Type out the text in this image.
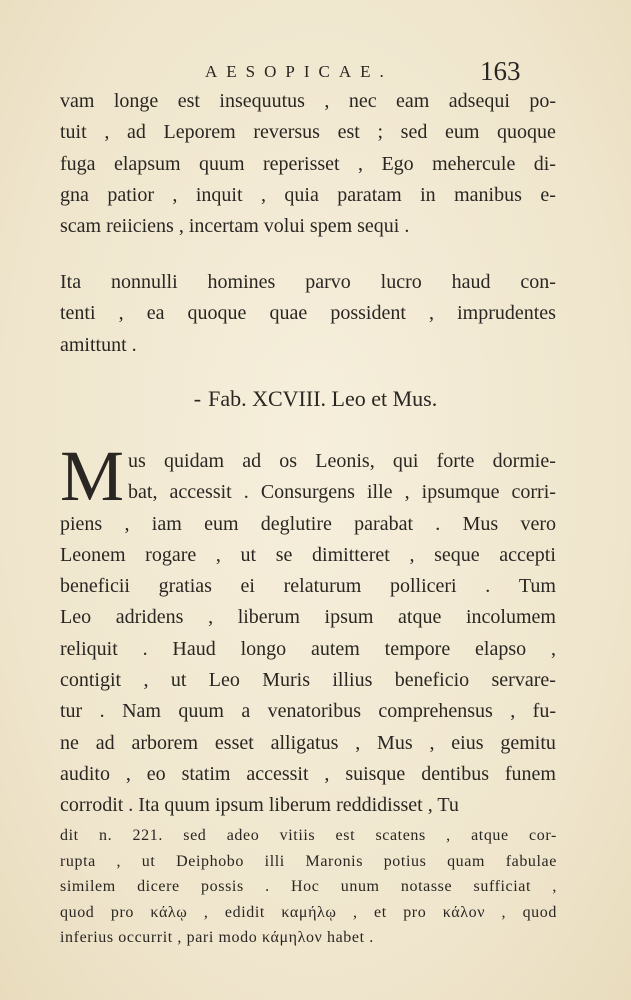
AESOPICAE.	163

vam longe est insequutus , nec eam adsequi po-
tuit , ad Leporem reversus est ; sed eum quoque
fuga elapsum quum reperisset , Ego mehercule di-
gna patior , inquit , quia paratam in manibus e-
scam reiiciens , incertam volui spem sequi .

Ita nonnulli homines parvo lucro haud con-
tenti , ea quoque quae possident , imprudentes
amittunt .

- Fab. XCVIII. Leo et Mus.

M us quidam ad os Leonis, qui forte dormie-
bat, accessit . Consurgens ille , ipsumque corri-
piens , iam eum deglutire parabat . Mus vero
Leonem rogare , ut se dimitteret , seque accepti
beneficii gratias ei relaturum polliceri . Tum
Leo adridens , liberum ipsum atque incolumem
reliquit . Haud longo autem tempore elapso ,
contigit , ut Leo Muris illius beneficio servare-
tur . Nam quum a venatoribus comprehensus , fu-
ne ad arborem esset alligatus , Mus , eius gemitu
audito , eo statim accessit , suisque dentibus funem
corrodit . Ita quum ipsum liberum reddidisset , Tu

dit n. 221. sed adeo vitiis est scatens , atque cor-
rupta , ut Deiphobo illi Maronis potius quam fabulae
similem dicere possis . Hoc unum notasse sufficiat ,
quod pro κάλῳ , edidit καμήλῳ , et pro κάλον , quod
inferius occurrit , pari modo κάμηλον habet .
